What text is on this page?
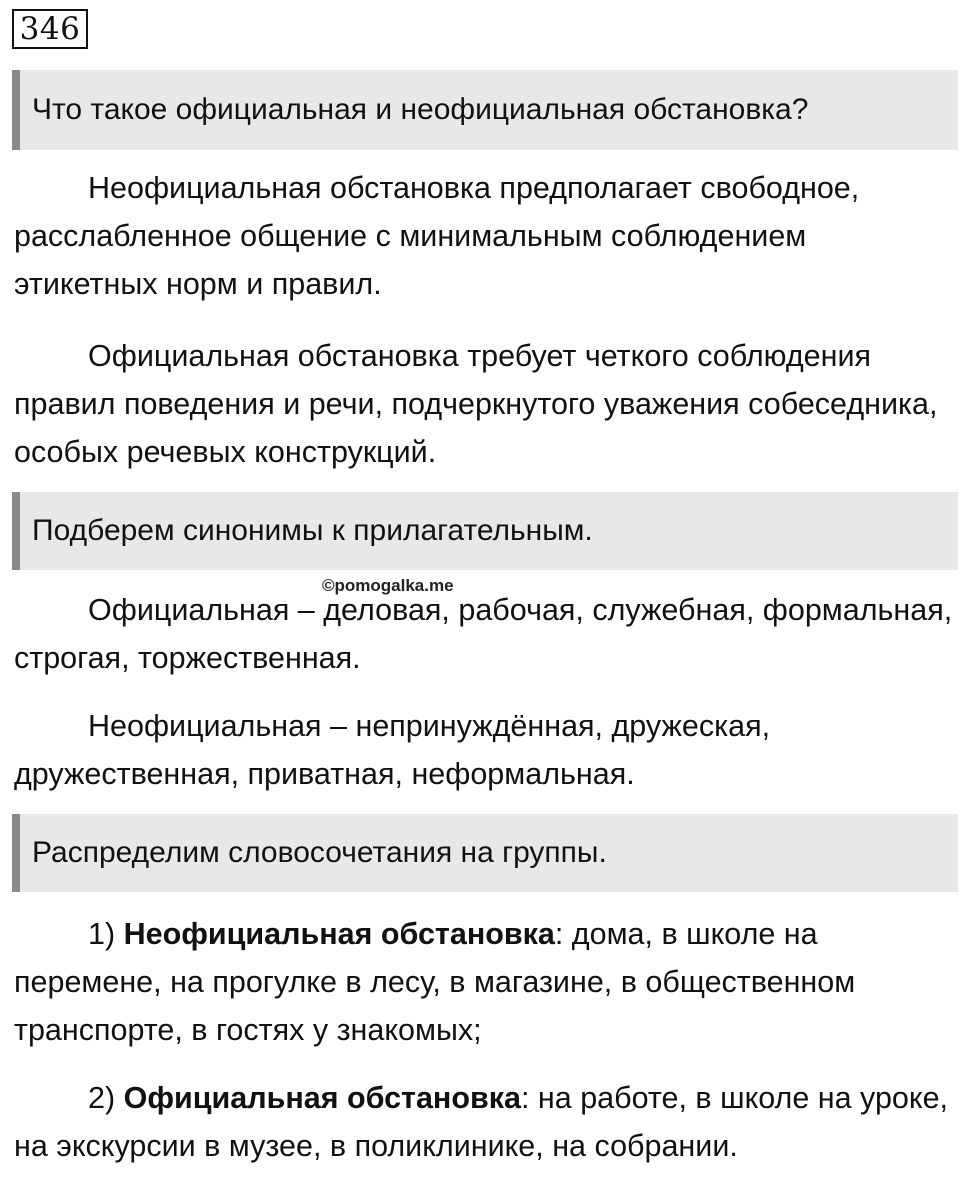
346
Что такое официальная и неофициальная обстановка?

Неофициальная обстановка предполагает свободное, расслабленное общение с минимальным соблюдением этикетных норм и правил.

Официальная обстановка требует четкого соблюдения правил поведения и речи, подчеркнутого уважения собеседника, особых речевых конструкций.

Подберем синонимы к прилагательным.
©pomogalka.me

Официальная – деловая, рабочая, служебная, формальная, строгая, торжественная.

Неофициальная – непринуждённая, дружеская, дружественная, приватная, неформальная.

Распределим словосочетания на группы.

1) Неофициальная обстановка: дома, в школе на перемене, на прогулке в лесу, в магазине, в общественном транспорте, в гостях у знакомых;

2) Официальная обстановка: на работе, в школе на уроке, на экскурсии в музее, в поликлинике, на собрании.
